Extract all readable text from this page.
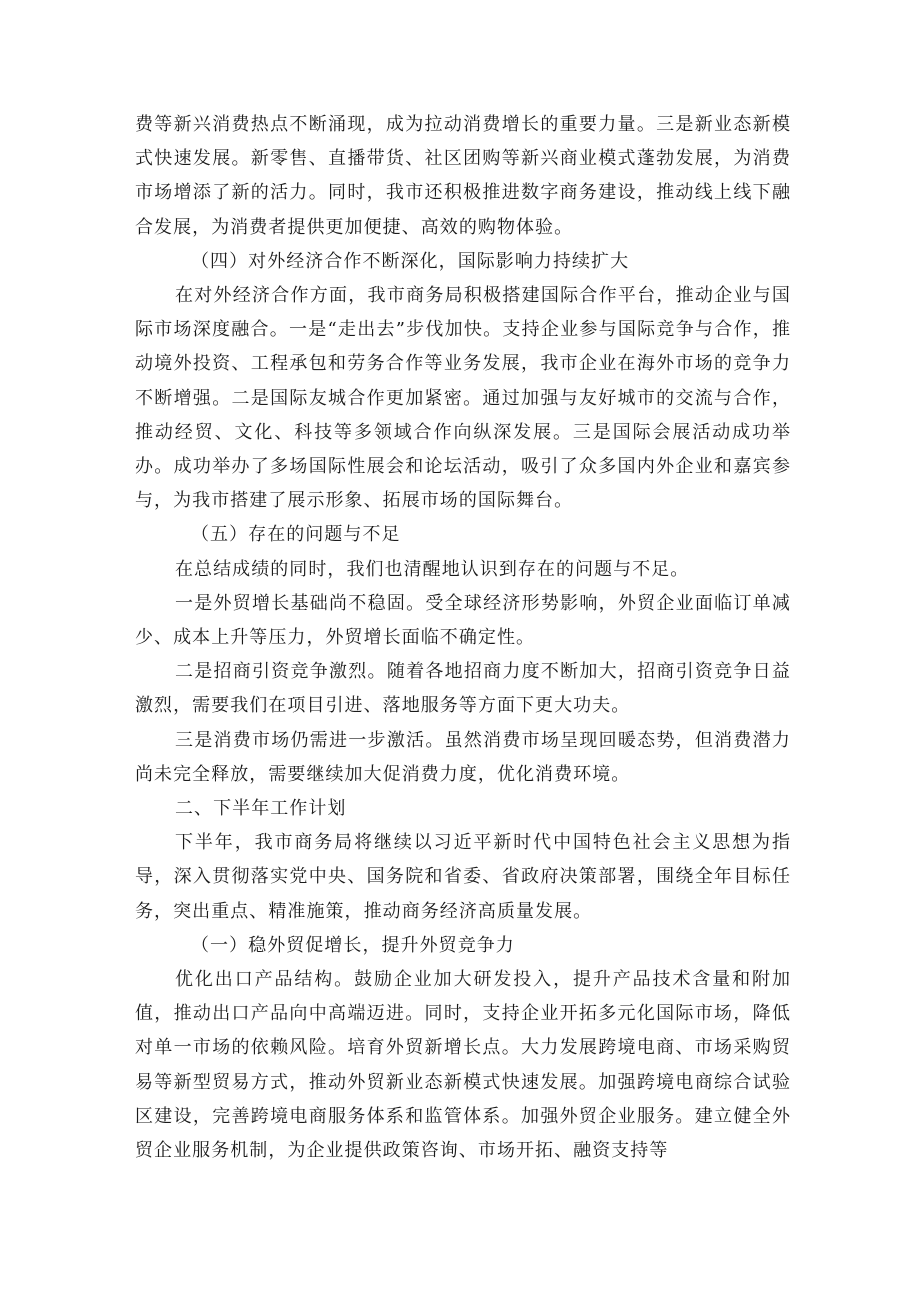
费等新兴消费热点不断涌现，成为拉动消费增长的重要力量。三是新业态新模式快速发展。新零售、直播带货、社区团购等新兴商业模式蓬勃发展，为消费市场增添了新的活力。同时，我市还积极推进数字商务建设，推动线上线下融合发展，为消费者提供更加便捷、高效的购物体验。

（四）对外经济合作不断深化，国际影响力持续扩大

在对外经济合作方面，我市商务局积极搭建国际合作平台，推动企业与国际市场深度融合。一是“走出去”步伐加快。支持企业参与国际竞争与合作，推动境外投资、工程承包和劳务合作等业务发展，我市企业在海外市场的竞争力不断增强。二是国际友城合作更加紧密。通过加强与友好城市的交流与合作，推动经贸、文化、科技等多领域合作向纵深发展。三是国际会展活动成功举办。成功举办了多场国际性展会和论坛活动，吸引了众多国内外企业和嘉宾参与，为我市搭建了展示形象、拓展市场的国际舞台。

（五）存在的问题与不足

在总结成绩的同时，我们也清醒地认识到存在的问题与不足。

一是外贸增长基础尚不稳固。受全球经济形势影响，外贸企业面临订单减少、成本上升等压力，外贸增长面临不确定性。

二是招商引资竞争激烈。随着各地招商力度不断加大，招商引资竞争日益激烈，需要我们在项目引进、落地服务等方面下更大功夫。

三是消费市场仍需进一步激活。虽然消费市场呈现回暖态势，但消费潜力尚未完全释放，需要继续加大促消费力度，优化消费环境。

二、下半年工作计划

下半年，我市商务局将继续以习近平新时代中国特色社会主义思想为指导，深入贯彻落实党中央、国务院和省委、省政府决策部署，围绕全年目标任务，突出重点、精准施策，推动商务经济高质量发展。

（一）稳外贸促增长，提升外贸竞争力

优化出口产品结构。鼓励企业加大研发投入，提升产品技术含量和附加值，推动出口产品向中高端迈进。同时，支持企业开拓多元化国际市场，降低对单一市场的依赖风险。培育外贸新增长点。大力发展跨境电商、市场采购贸易等新型贸易方式，推动外贸新业态新模式快速发展。加强跨境电商综合试验区建设，完善跨境电商服务体系和监管体系。加强外贸企业服务。建立健全外贸企业服务机制，为企业提供政策咨询、市场开拓、融资支持等
